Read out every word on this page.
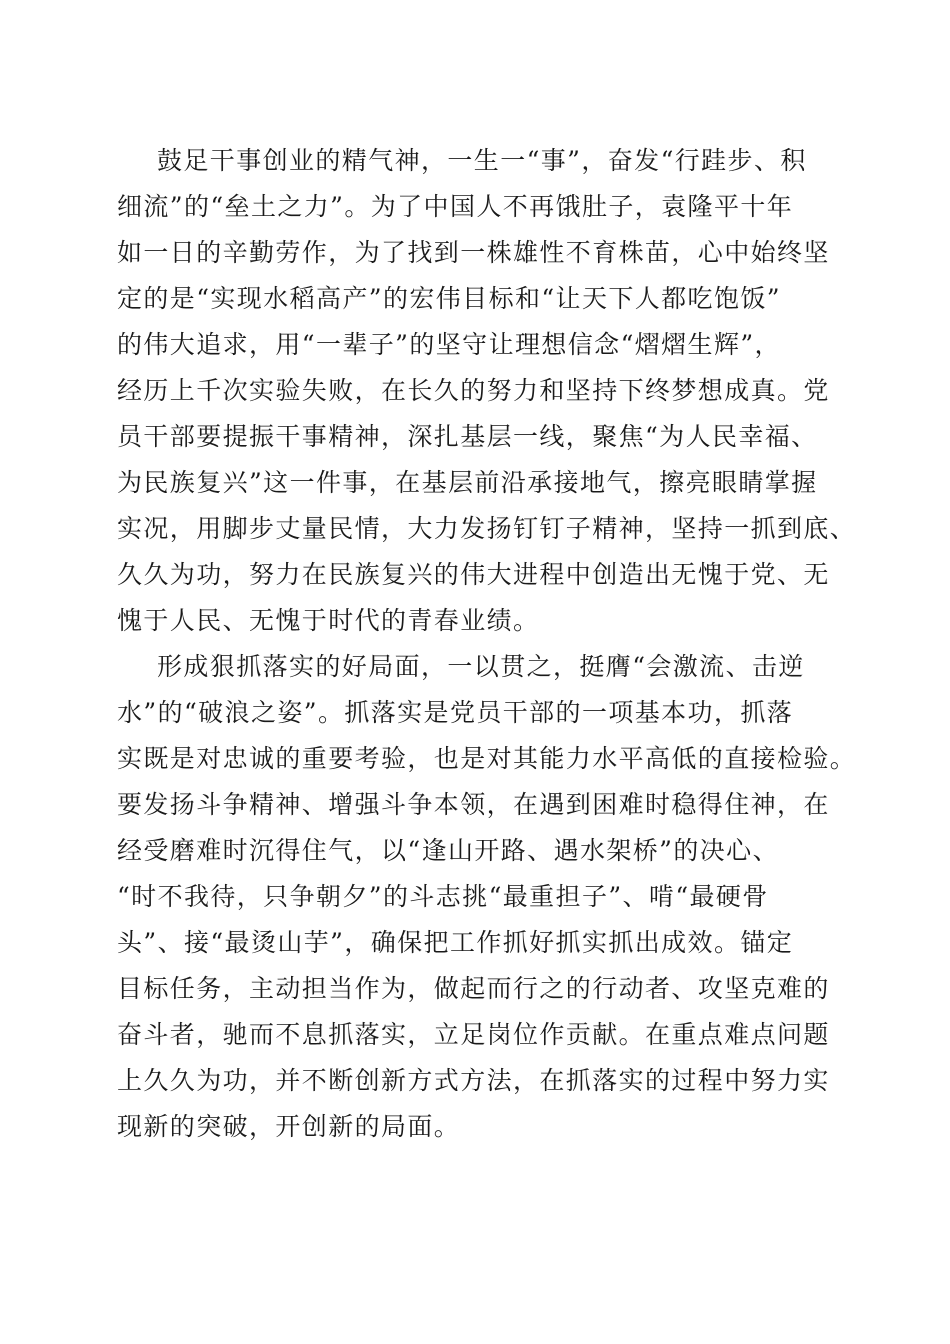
鼓足干事创业的精气神，一生一“事”，奋发“行跬步、积
细流”的“垒土之力”。为了中国人不再饿肚子，袁隆平十年
如一日的辛勤劳作，为了找到一株雄性不育株苗，心中始终坚
定的是“实现水稻高产”的宏伟目标和“让天下人都吃饱饭”
的伟大追求，用“一辈子”的坚守让理想信念“熠熠生辉”，
经历上千次实验失败，在长久的努力和坚持下终梦想成真。党
员干部要提振干事精神，深扎基层一线，聚焦“为人民幸福、
为民族复兴”这一件事，在基层前沿承接地气，擦亮眼睛掌握
实况，用脚步丈量民情，大力发扬钉钉子精神，坚持一抓到底、
久久为功，努力在民族复兴的伟大进程中创造出无愧于党、无
愧于人民、无愧于时代的青春业绩。
形成狠抓落实的好局面，一以贯之，挺膺“会激流、击逆
水”的“破浪之姿”。抓落实是党员干部的一项基本功，抓落
实既是对忠诚的重要考验，也是对其能力水平高低的直接检验。
要发扬斗争精神、增强斗争本领，在遇到困难时稳得住神，在
经受磨难时沉得住气，以“逢山开路、遇水架桥”的决心、
“时不我待，只争朝夕”的斗志挑“最重担子”、啃“最硬骨
头”、接“最烫山芋”，确保把工作抓好抓实抓出成效。锚定
目标任务，主动担当作为，做起而行之的行动者、攻坚克难的
奋斗者，驰而不息抓落实，立足岗位作贡献。在重点难点问题
上久久为功，并不断创新方式方法，在抓落实的过程中努力实
现新的突破，开创新的局面。
